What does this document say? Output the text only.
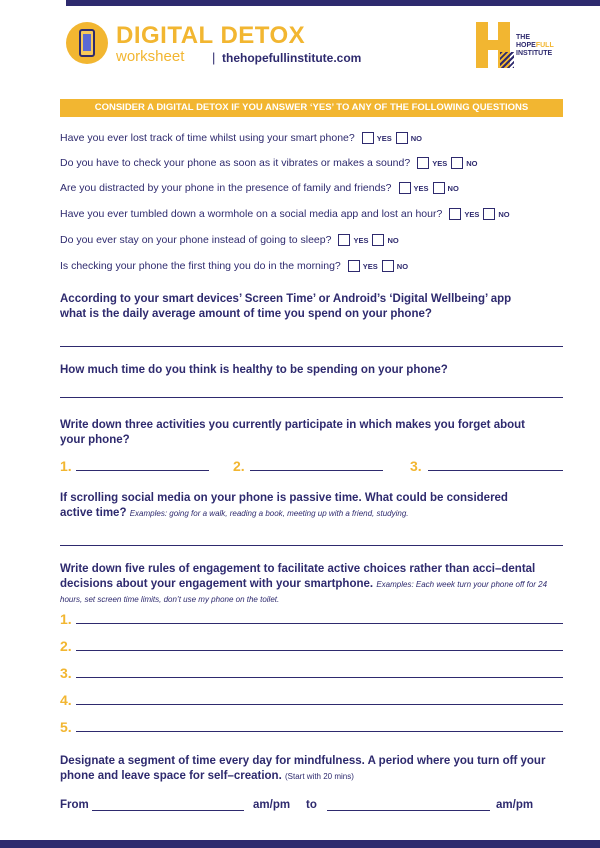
DIGITAL DETOX
worksheet | thehopefullinstitute.com
THE
HOPEFULL
INSTITUTE
CONSIDER A DIGITAL DETOX IF YOU ANSWER ‘YES’ TO ANY OF THE FOLLOWING QUESTIONS
Have you ever lost track of time whilst using your smart phone?	YES	NO
Do you have to check your phone as soon as it vibrates or makes a sound?	YES	NO
Are you distracted by your phone in the presence of family and friends?	YES	NO
Have you ever tumbled down a wormhole on a social media app and lost an hour?	YES	NO
Do you ever stay on your phone instead of going to sleep?	YES	NO
Is checking your phone the first thing you do in the morning?	YES	NO
According to your smart devices’ Screen Time’ or Android’s ‘Digital Wellbeing’ app what is the daily average amount of time you spend on your phone?
How much time do you think is healthy to be spending on your phone?
Write down three activities you currently participate in which makes you forget about your phone?
1.	2.	3.
If scrolling social media on your phone is passive time. What could be considered active time? Examples: going for a walk, reading a book, meeting up with a friend, studying.
Write down five rules of engagement to facilitate active choices rather than acci–dental decisions about your engagement with your smartphone. Examples: Each week turn your phone off for 24 hours, set screen time limits, don’t use my phone on the toilet.
1.
2.
3.
4.
5.
Designate a segment of time every day for mindfulness. A period where you turn off your phone and leave space for self–creation. (Start with 20 mins)
From	am/pm to	am/pm
